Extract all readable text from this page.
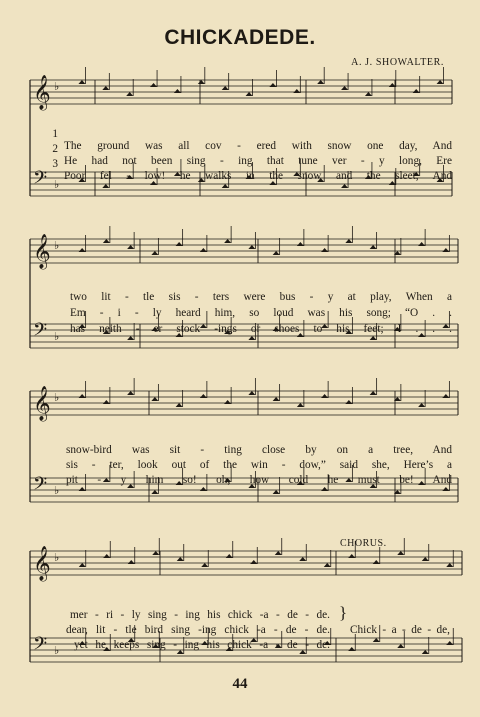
𝄞
𝄢
♭
♭
𝄞
𝄢
♭
♭
𝄞
𝄢
♭
♭
𝄞
𝄢
♭
♭
CHICKADEDE.
A. J. SHOWALTER.
CHORUS.

1

The ground was all cov - ered with snow one day, And

2

He had not been sing - ing that tune ver - y long, Ere

3

Poor fel - low! he walks in the snow and the sleet, And

two lit - tle sis - ters were bus - y at play, When a

Em - i - ly heard him, so loud was his song; “O . .

has neith - er stock -ings or shoes to his feet; I . . .

snow-bird was sit - ting close by on a tree, And

sis - ter, look out of the win - dow,” said she, Here’s a

pit - y him so! oh, how cold he must be! And

mer - ri - ly sing - ing his chick -a - de - de.

dear, lit - tle bird sing -ing chick -a - de - de.

yet he keeps sing - ing his chick -a - de - de.

}

Chick - a - de - de,

44
